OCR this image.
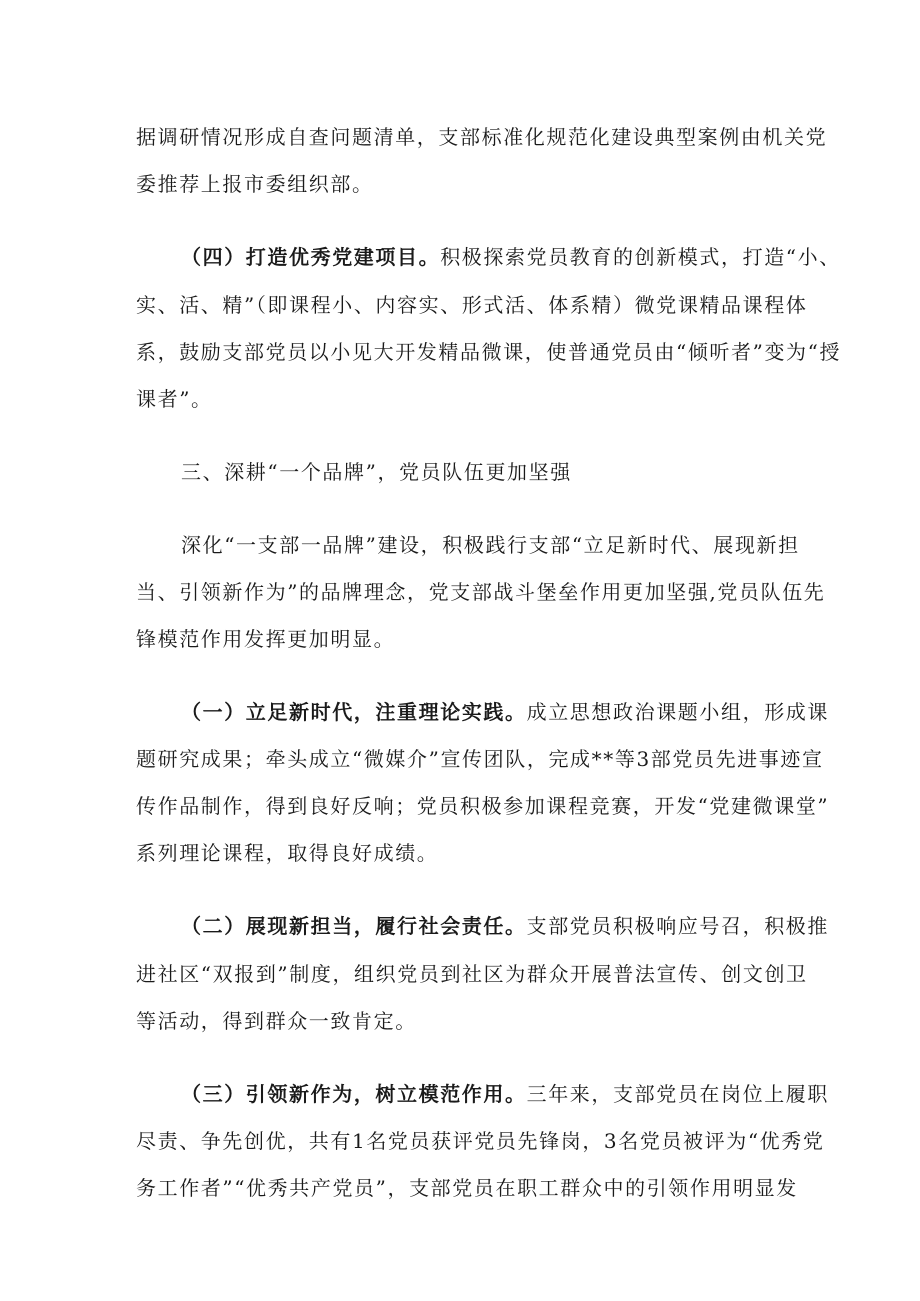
据调研情况形成自查问题清单，支部标准化规范化建设典型案例由机关党
委推荐上报市委组织部。
（四）打造优秀党建项目。积极探索党员教育的创新模式，打造“小、
实、活、精”（即课程小、内容实、形式活、体系精）微党课精品课程体
系，鼓励支部党员以小见大开发精品微课，使普通党员由“倾听者”变为“授
课者”。
三、深耕“一个品牌”，党员队伍更加坚强
深化“一支部一品牌”建设，积极践行支部“立足新时代、展现新担
当、引领新作为”的品牌理念，党支部战斗堡垒作用更加坚强,党员队伍先
锋模范作用发挥更加明显。
（一）立足新时代，注重理论实践。成立思想政治课题小组，形成课
题研究成果；牵头成立“微媒介”宣传团队，完成**等3部党员先进事迹宣
传作品制作，得到良好反响；党员积极参加课程竞赛，开发“党建微课堂”
系列理论课程，取得良好成绩。
（二）展现新担当，履行社会责任。支部党员积极响应号召，积极推
进社区“双报到”制度，组织党员到社区为群众开展普法宣传、创文创卫
等活动，得到群众一致肯定。
（三）引领新作为，树立模范作用。三年来，支部党员在岗位上履职
尽责、争先创优，共有1名党员获评党员先锋岗，3名党员被评为“优秀党
务工作者”“优秀共产党员”，支部党员在职工群众中的引领作用明显发
